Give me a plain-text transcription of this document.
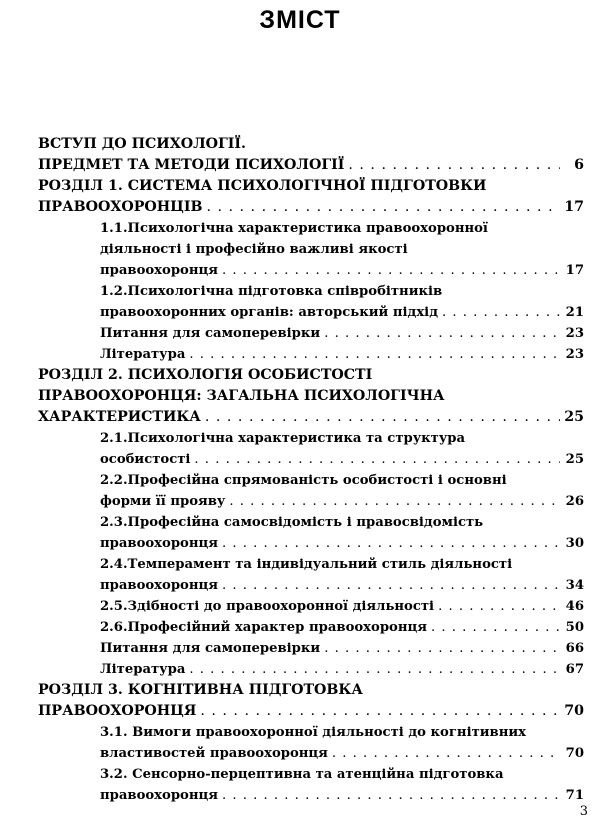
ЗМІСТ
ВСТУП ДО ПСИХОЛОГІЇ.
ПРЕДМЕТ ТА МЕТОДИ ПСИХОЛОГІЇ . . .	6
РОЗДІЛ 1. СИСТЕМА ПСИХОЛОГІЧНОЇ ПІДГОТОВКИ
ПРАВООХОРОНЦІВ . . .	17
1.1.Психологічна характеристика правоохоронної
діяльності і професійно важливі якості
правоохоронця . . .	17
1.2.Психологічна підготовка співробітників
правоохоронних органів: авторський підхід . . .	21
Питання для самоперевірки . . .	23
Література . . .	23
РОЗДІЛ 2. ПСИХОЛОГІЯ ОСОБИСТОСТІ
ПРАВООХОРОНЦЯ: ЗАГАЛЬНА ПСИХОЛОГІЧНА
ХАРАКТЕРИСТИКА . . .	25
2.1.Психологічна характеристика та структура
особистості . . .	25
2.2.Професійна спрямованість особистості і основні
форми її прояву . . .	26
2.3.Професійна самосвідомість і правосвідомість
правоохоронця . . .	30
2.4.Темперамент та індивідуальний стиль діяльності
правоохоронця . . .	34
2.5.Здібності до правоохоронної діяльності . . .	46
2.6.Професійний характер правоохоронця . . .	50
Питання для самоперевірки . . .	66
Література . . .	67
РОЗДІЛ 3. КОГНІТИВНА ПІДГОТОВКА
ПРАВООХОРОНЦЯ . . .	70
3.1. Вимоги правоохоронної діяльності до когнітивних
властивостей правоохоронця . . .	70
3.2. Сенсорно-перцептивна та атенційна підготовка
правоохоронця . . .	71
3
